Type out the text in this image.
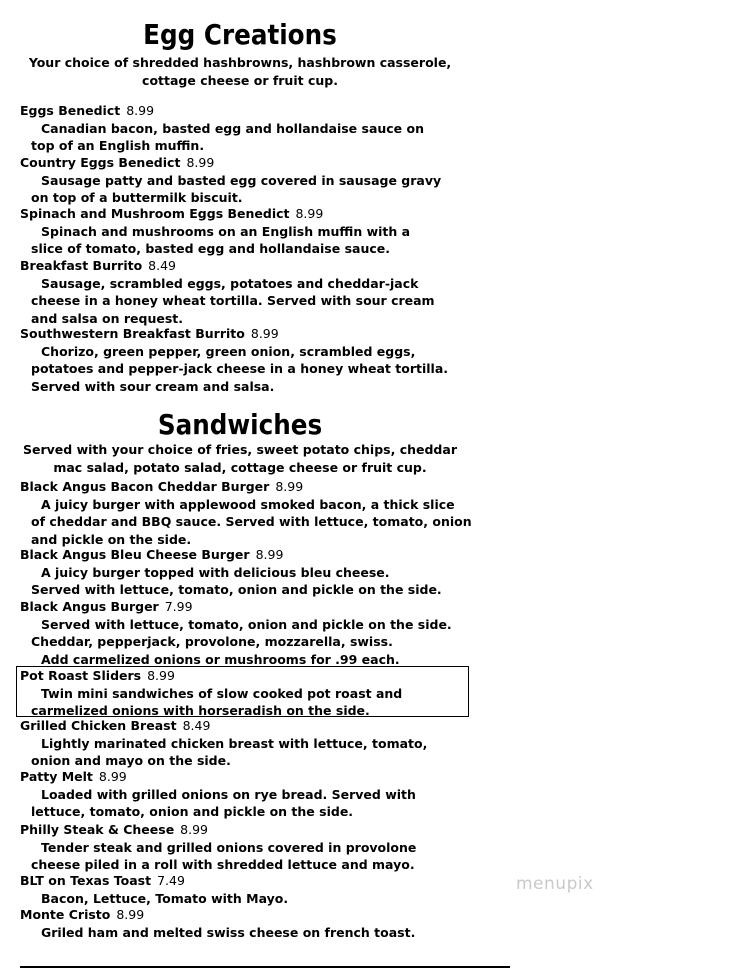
Egg Creations
Your choice of shredded hashbrowns, hashbrown casserole,
cottage cheese or fruit cup.
Eggs Benedict 8.99
Canadian bacon, basted egg and hollandaise sauce on
top of an English muffin.
Country Eggs Benedict 8.99
Sausage patty and basted egg covered in sausage gravy
on top of a buttermilk biscuit.
Spinach and Mushroom Eggs Benedict 8.99
Spinach and mushrooms on an English muffin with a
slice of tomato, basted egg and hollandaise sauce.
Breakfast Burrito 8.49
Sausage, scrambled eggs, potatoes and cheddar-jack
cheese in a honey wheat tortilla. Served with sour cream
and salsa on request.
Southwestern Breakfast Burrito 8.99
Chorizo, green pepper, green onion, scrambled eggs,
potatoes and pepper-jack cheese in a honey wheat tortilla.
Served with sour cream and salsa.
Sandwiches
Served with your choice of fries, sweet potato chips, cheddar
mac salad, potato salad, cottage cheese or fruit cup.
Black Angus Bacon Cheddar Burger 8.99
A juicy burger with applewood smoked bacon, a thick slice
of cheddar and BBQ sauce. Served with lettuce, tomato, onion
and pickle on the side.
Black Angus Bleu Cheese Burger 8.99
A juicy burger topped with delicious bleu cheese.
Served with lettuce, tomato, onion and pickle on the side.
Black Angus Burger 7.99
Served with lettuce, tomato, onion and pickle on the side.
Cheddar, pepperjack, provolone, mozzarella, swiss.
Add carmelized onions or mushrooms for .99 each.
Pot Roast Sliders 8.99
Twin mini sandwiches of slow cooked pot roast and
carmelized onions with horseradish on the side.
Grilled Chicken Breast 8.49
Lightly marinated chicken breast with lettuce, tomato,
onion and mayo on the side.
Patty Melt 8.99
Loaded with grilled onions on rye bread. Served with
lettuce, tomato, onion and pickle on the side.
Philly Steak & Cheese 8.99
Tender steak and grilled onions covered in provolone
cheese piled in a roll with shredded lettuce and mayo.
BLT on Texas Toast 7.49
Bacon, Lettuce, Tomato with Mayo.
Monte Cristo 8.99
Griled ham and melted swiss cheese on french toast.
menupix
